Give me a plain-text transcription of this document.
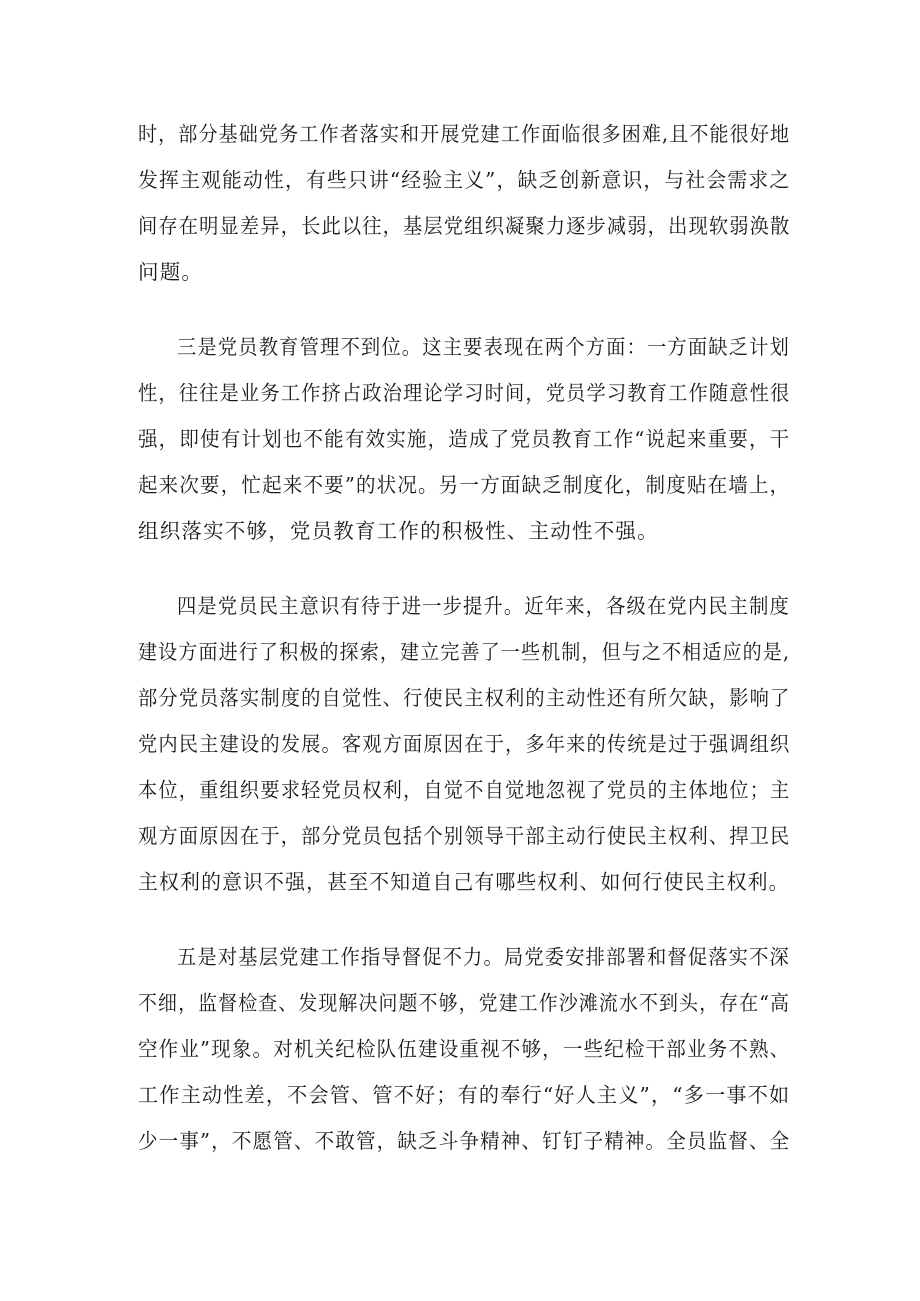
时，部分基础党务工作者落实和开展党建工作面临很多困难,且不能很好地
发挥主观能动性，有些只讲“经验主义”，缺乏创新意识，与社会需求之
间存在明显差异，长此以往，基层党组织凝聚力逐步减弱，出现软弱涣散
问题。
三是党员教育管理不到位。这主要表现在两个方面：一方面缺乏计划
性，往往是业务工作挤占政治理论学习时间，党员学习教育工作随意性很
强，即使有计划也不能有效实施，造成了党员教育工作“说起来重要，干
起来次要，忙起来不要”的状况。另一方面缺乏制度化，制度贴在墙上，
组织落实不够，党员教育工作的积极性、主动性不强。
四是党员民主意识有待于进一步提升。近年来，各级在党内民主制度
建设方面进行了积极的探索，建立完善了一些机制，但与之不相适应的是,
部分党员落实制度的自觉性、行使民主权利的主动性还有所欠缺，影响了
党内民主建设的发展。客观方面原因在于，多年来的传统是过于强调组织
本位，重组织要求轻党员权利，自觉不自觉地忽视了党员的主体地位；主
观方面原因在于，部分党员包括个别领导干部主动行使民主权利、捍卫民
主权利的意识不强，甚至不知道自己有哪些权利、如何行使民主权利。
五是对基层党建工作指导督促不力。局党委安排部署和督促落实不深
不细，监督检查、发现解决问题不够，党建工作沙滩流水不到头，存在“高
空作业”现象。对机关纪检队伍建设重视不够，一些纪检干部业务不熟、
工作主动性差，不会管、管不好；有的奉行“好人主义”，“多一事不如
少一事”，不愿管、不敢管，缺乏斗争精神、钉钉子精神。全员监督、全
